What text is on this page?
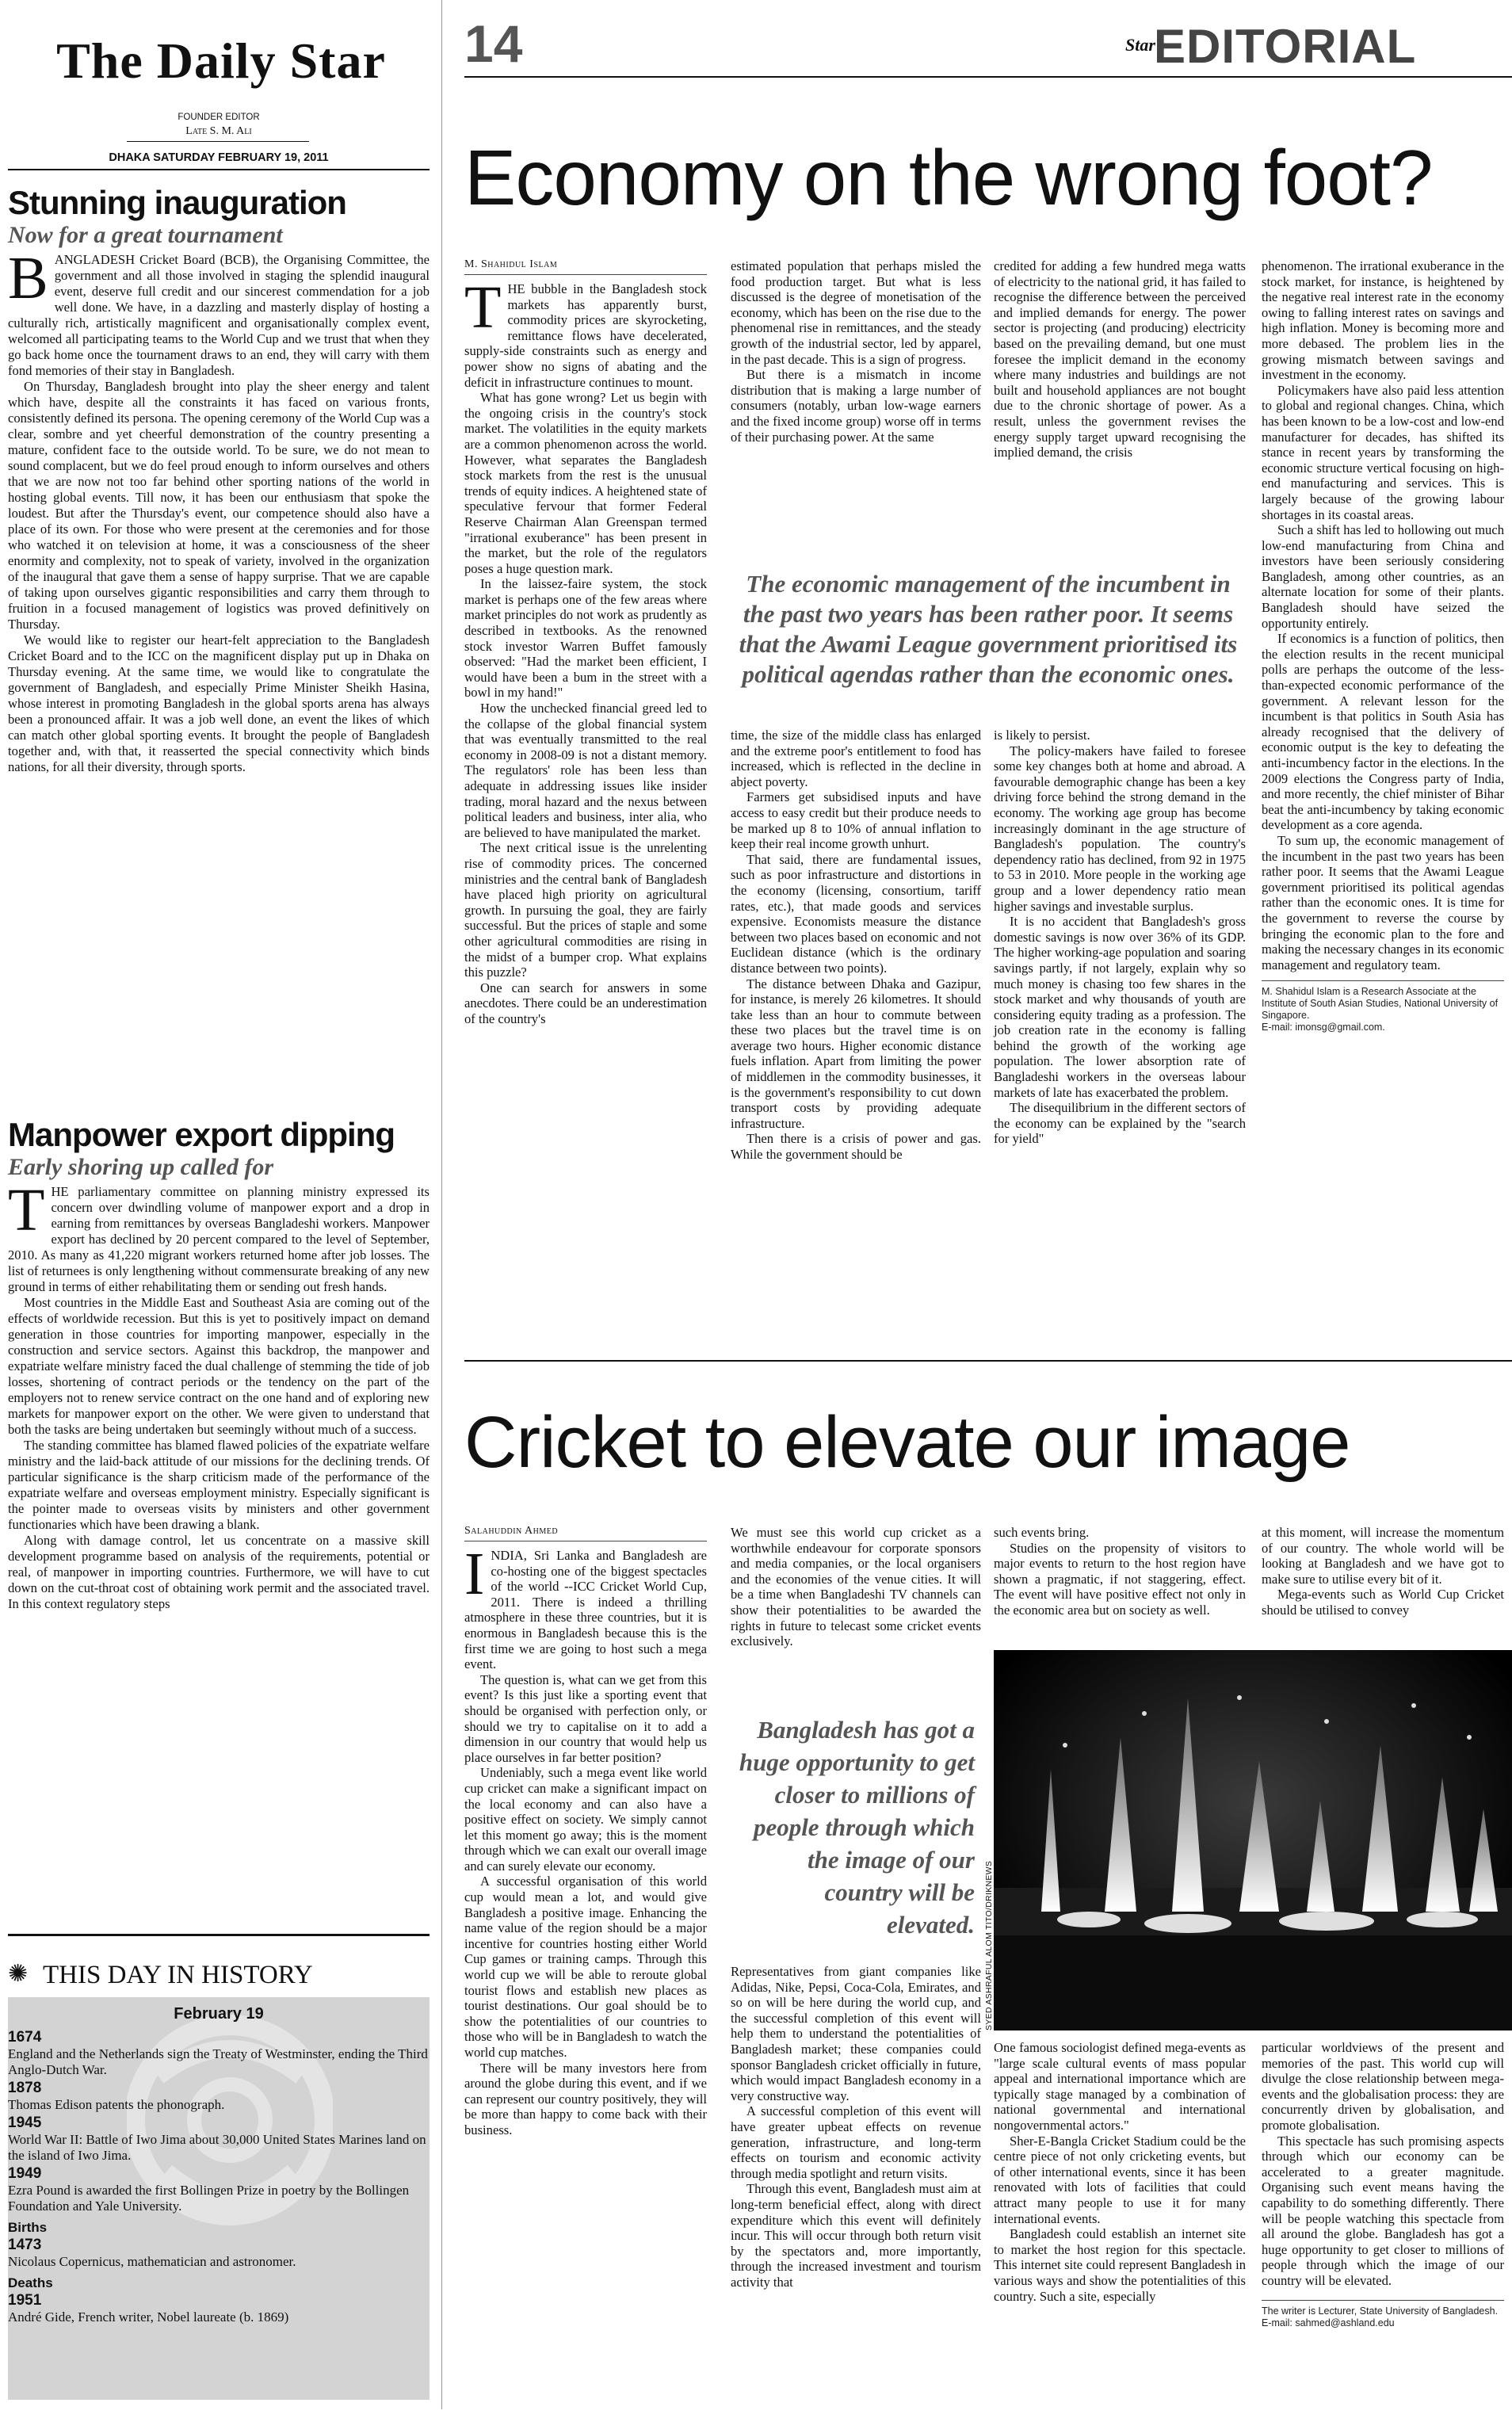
The Daily Star
FOUNDER EDITOR
Late S. M. Ali
DHAKA SATURDAY FEBRUARY 19, 2011
Stunning inauguration
Now for a great tournament

BANGLADESH Cricket Board (BCB), the Organising Committee, the government and all those involved in staging the splendid inaugural event, deserve full credit and our sincerest commendation for a job well done. We have, in a dazzling and masterly display of hosting a culturally rich, artistically magnificent and organisationally complex event, welcomed all participating teams to the World Cup and we trust that when they go back home once the tournament draws to an end, they will carry with them fond memories of their stay in Bangladesh.

On Thursday, Bangladesh brought into play the sheer energy and talent which have, despite all the constraints it has faced on various fronts, consistently defined its persona. The opening ceremony of the World Cup was a clear, sombre and yet cheerful demonstration of the country presenting a mature, confident face to the outside world. To be sure, we do not mean to sound complacent, but we do feel proud enough to inform ourselves and others that we are now not too far behind other sporting nations of the world in hosting global events. Till now, it has been our enthusiasm that spoke the loudest. But after the Thursday's event, our competence should also have a place of its own. For those who were present at the ceremonies and for those who watched it on television at home, it was a consciousness of the sheer enormity and complexity, not to speak of variety, involved in the organization of the inaugural that gave them a sense of happy surprise. That we are capable of taking upon ourselves gigantic responsibilities and carry them through to fruition in a focused management of logistics was proved definitively on Thursday.

We would like to register our heart-felt appreciation to the Bangladesh Cricket Board and to the ICC on the magnificent display put up in Dhaka on Thursday evening. At the same time, we would like to congratulate the government of Bangladesh, and especially Prime Minister Sheikh Hasina, whose interest in promoting Bangladesh in the global sports arena has always been a pronounced affair. It was a job well done, an event the likes of which can match other global sporting events. It brought the people of Bangladesh together and, with that, it reasserted the special connectivity which binds nations, for all their diversity, through sports.

Manpower export dipping
Early shoring up called for

THE parliamentary committee on planning ministry expressed its concern over dwindling volume of manpower export and a drop in earning from remittances by overseas Bangladeshi workers. Manpower export has declined by 20 percent compared to the level of September, 2010. As many as 41,220 migrant workers returned home after job losses. The list of returnees is only lengthening without commensurate breaking of any new ground in terms of either rehabilitating them or sending out fresh hands.

Most countries in the Middle East and Southeast Asia are coming out of the effects of worldwide recession. But this is yet to positively impact on demand generation in those countries for importing manpower, especially in the construction and service sectors. Against this backdrop, the manpower and expatriate welfare ministry faced the dual challenge of stemming the tide of job losses, shortening of contract periods or the tendency on the part of the employers not to renew service contract on the one hand and of exploring new markets for manpower export on the other. We were given to understand that both the tasks are being undertaken but seemingly without much of a success.

The standing committee has blamed flawed policies of the expatriate welfare ministry and the laid-back attitude of our missions for the declining trends. Of particular significance is the sharp criticism made of the performance of the expatriate welfare and overseas employment ministry. Especially significant is the pointer made to overseas visits by ministers and other government functionaries which have been drawing a blank.

Along with damage control, let us concentrate on a massive skill development programme based on analysis of the requirements, potential or real, of manpower in importing countries. Furthermore, we will have to cut down on the cut-throat cost of obtaining work permit and the associated travel. In this context regulatory steps

✺ THIS DAY IN HISTORY
February 19
1674
England and the Netherlands sign the Treaty of Westminster, ending the Third Anglo-Dutch War.
1878
Thomas Edison patents the phonograph.
1945
World War II: Battle of Iwo Jima about 30,000 United States Marines land on the island of Iwo Jima.
1949
Ezra Pound is awarded the first Bollingen Prize in poetry by the Bollingen Foundation and Yale University.
Births
1473
Nicolaus Copernicus, mathematician and astronomer.
Deaths
1951
André Gide, French writer, Nobel laureate (b. 1869)
14	Star
EDITORIAL
Economy on the wrong foot?
M. Shahidul Islam

THE bubble in the Bangladesh stock markets has apparently burst, commodity prices are skyrocketing, remittance flows have decelerated, supply-side constraints such as energy and power show no signs of abating and the deficit in infrastructure continues to mount.

What has gone wrong? Let us begin with the ongoing crisis in the country's stock market. The volatilities in the equity markets are a common phenomenon across the world. However, what separates the Bangladesh stock markets from the rest is the unusual trends of equity indices. A heightened state of speculative fervour that former Federal Reserve Chairman Alan Greenspan termed "irrational exuberance" has been present in the market, but the role of the regulators poses a huge question mark.

In the laissez-faire system, the stock market is perhaps one of the few areas where market principles do not work as prudently as described in textbooks. As the renowned stock investor Warren Buffet famously observed: "Had the market been efficient, I would have been a bum in the street with a bowl in my hand!"

How the unchecked financial greed led to the collapse of the global financial system that was eventually transmitted to the real economy in 2008-09 is not a distant memory. The regulators' role has been less than adequate in addressing issues like insider trading, moral hazard and the nexus between political leaders and business, inter alia, who are believed to have manipulated the market.

The next critical issue is the unrelenting rise of commodity prices. The concerned ministries and the central bank of Bangladesh have placed high priority on agricultural growth. In pursuing the goal, they are fairly successful. But the prices of staple and some other agricultural commodities are rising in the midst of a bumper crop. What explains this puzzle?

One can search for answers in some anecdotes. There could be an underestimation of the country's

estimated population that perhaps misled the food production target. But what is less discussed is the degree of monetisation of the economy, which has been on the rise due to the phenomenal rise in remittances, and the steady growth of the industrial sector, led by apparel, in the past decade. This is a sign of progress.

But there is a mismatch in income distribution that is making a large number of consumers (notably, urban low-wage earners and the fixed income group) worse off in terms of their purchasing power. At the same

credited for adding a few hundred mega watts of electricity to the national grid, it has failed to recognise the difference between the perceived and implied demands for energy. The power sector is projecting (and producing) electricity based on the prevailing demand, but one must foresee the implicit demand in the economy where many industries and buildings are not built and household appliances are not bought due to the chronic shortage of power. As a result, unless the government revises the energy supply target upward recognising the implied demand, the crisis

The economic management of the incumbent in the past two years has been rather poor. It seems that the Awami League government prioritised its political agendas rather than the economic ones.

time, the size of the middle class has enlarged and the extreme poor's entitlement to food has increased, which is reflected in the decline in abject poverty.

Farmers get subsidised inputs and have access to easy credit but their produce needs to be marked up 8 to 10% of annual inflation to keep their real income growth unhurt.

That said, there are fundamental issues, such as poor infrastructure and distortions in the economy (licensing, consortium, tariff rates, etc.), that made goods and services expensive. Economists measure the distance between two places based on economic and not Euclidean distance (which is the ordinary distance between two points).

The distance between Dhaka and Gazipur, for instance, is merely 26 kilometres. It should take less than an hour to commute between these two places but the travel time is on average two hours. Higher economic distance fuels inflation. Apart from limiting the power of middlemen in the commodity businesses, it is the government's responsibility to cut down transport costs by providing adequate infrastructure.

Then there is a crisis of power and gas. While the government should be

is likely to persist.

The policy-makers have failed to foresee some key changes both at home and abroad. A favourable demographic change has been a key driving force behind the strong demand in the economy. The working age group has become increasingly dominant in the age structure of Bangladesh's population. The country's dependency ratio has declined, from 92 in 1975 to 53 in 2010. More people in the working age group and a lower dependency ratio mean higher savings and investable surplus.

It is no accident that Bangladesh's gross domestic savings is now over 36% of its GDP. The higher working-age population and soaring savings partly, if not largely, explain why so much money is chasing too few shares in the stock market and why thousands of youth are considering equity trading as a profession. The job creation rate in the economy is falling behind the growth of the working age population. The lower absorption rate of Bangladeshi workers in the overseas labour markets of late has exacerbated the problem.

The disequilibrium in the different sectors of the economy can be explained by the "search for yield"

phenomenon. The irrational exuberance in the stock market, for instance, is heightened by the negative real interest rate in the economy owing to falling interest rates on savings and high inflation. Money is becoming more and more debased. The problem lies in the growing mismatch between savings and investment in the economy.

Policymakers have also paid less attention to global and regional changes. China, which has been known to be a low-cost and low-end manufacturer for decades, has shifted its stance in recent years by transforming the economic structure vertical focusing on high-end manufacturing and services. This is largely because of the growing labour shortages in its coastal areas.

Such a shift has led to hollowing out much low-end manufacturing from China and investors have been seriously considering Bangladesh, among other countries, as an alternate location for some of their plants. Bangladesh should have seized the opportunity entirely.

If economics is a function of politics, then the election results in the recent municipal polls are perhaps the outcome of the less-than-expected economic performance of the government. A relevant lesson for the incumbent is that politics in South Asia has already recognised that the delivery of economic output is the key to defeating the anti-incumbency factor in the elections. In the 2009 elections the Congress party of India, and more recently, the chief minister of Bihar beat the anti-incumbency by taking economic development as a core agenda.

To sum up, the economic management of the incumbent in the past two years has been rather poor. It seems that the Awami League government prioritised its political agendas rather than the economic ones. It is time for the government to reverse the course by bringing the economic plan to the fore and making the necessary changes in its economic management and regulatory team.

M. Shahidul Islam is a Research Associate at the Institute of South Asian Studies, National University of Singapore.
E-mail: imonsg@gmail.com.
Cricket to elevate our image
Salahuddin Ahmed

INDIA, Sri Lanka and Bangladesh are co-hosting one of the biggest spectacles of the world --ICC Cricket World Cup, 2011. There is indeed a thrilling atmosphere in these three countries, but it is enormous in Bangladesh because this is the first time we are going to host such a mega event.

The question is, what can we get from this event? Is this just like a sporting event that should be organised with perfection only, or should we try to capitalise on it to add a dimension in our country that would help us place ourselves in far better position?

Undeniably, such a mega event like world cup cricket can make a significant impact on the local economy and can also have a positive effect on society. We simply cannot let this moment go away; this is the moment through which we can exalt our overall image and can surely elevate our economy.

A successful organisation of this world cup would mean a lot, and would give Bangladesh a positive image. Enhancing the name value of the region should be a major incentive for countries hosting either World Cup games or training camps. Through this world cup we will be able to reroute global tourist flows and establish new places as tourist destinations. Our goal should be to show the potentialities of our countries to those who will be in Bangladesh to watch the world cup matches.

There will be many investors here from around the globe during this event, and if we can represent our country positively, they will be more than happy to come back with their business.

We must see this world cup cricket as a worthwhile endeavour for corporate sponsors and media companies, or the local organisers and the economies of the venue cities. It will be a time when Bangladeshi TV channels can show their potentialities to be awarded the rights in future to telecast some cricket events exclusively.

Bangladesh has got a huge opportunity to get closer to millions of people through which the image of our country will be elevated.

Representatives from giant companies like Adidas, Nike, Pepsi, Coca-Cola, Emirates, and so on will be here during the world cup, and the successful completion of this event will help them to understand the potentialities of Bangladesh market; these companies could sponsor Bangladesh cricket officially in future, which would impact Bangladesh economy in a very constructive way.

A successful completion of this event will have greater upbeat effects on revenue generation, infrastructure, and long-term effects on tourism and economic activity through media spotlight and return visits.

Through this event, Bangladesh must aim at long-term beneficial effect, along with direct expenditure which this event will definitely incur. This will occur through both return visit by the spectators and, more importantly, through the increased investment and tourism activity that

such events bring.

Studies on the propensity of visitors to major events to return to the host region have shown a pragmatic, if not staggering, effect. The event will have positive effect not only in the economic area but on society as well.

at this moment, will increase the momentum of our country. The whole world will be looking at Bangladesh and we have got to make sure to utilise every bit of it.

Mega-events such as World Cup Cricket should be utilised to convey

SYED ASHRAFUL ALOM TITO/DRIKNEWS

One famous sociologist defined mega-events as "large scale cultural events of mass popular appeal and international importance which are typically stage managed by a combination of national governmental and international nongovernmental actors."

Sher-E-Bangla Cricket Stadium could be the centre piece of not only cricketing events, but of other international events, since it has been renovated with lots of facilities that could attract many people to use it for many international events.

Bangladesh could establish an internet site to market the host region for this spectacle. This internet site could represent Bangladesh in various ways and show the potentialities of this country. Such a site, especially

particular worldviews of the present and memories of the past. This world cup will divulge the close relationship between mega-events and the globalisation process: they are concurrently driven by globalisation, and promote globalisation.

This spectacle has such promising aspects through which our economy can be accelerated to a greater magnitude. Organising such event means having the capability to do something differently. There will be people watching this spectacle from all around the globe. Bangladesh has got a huge opportunity to get closer to millions of people through which the image of our country will be elevated.

The writer is Lecturer, State University of Bangladesh. E-mail: sahmed@ashland.edu
